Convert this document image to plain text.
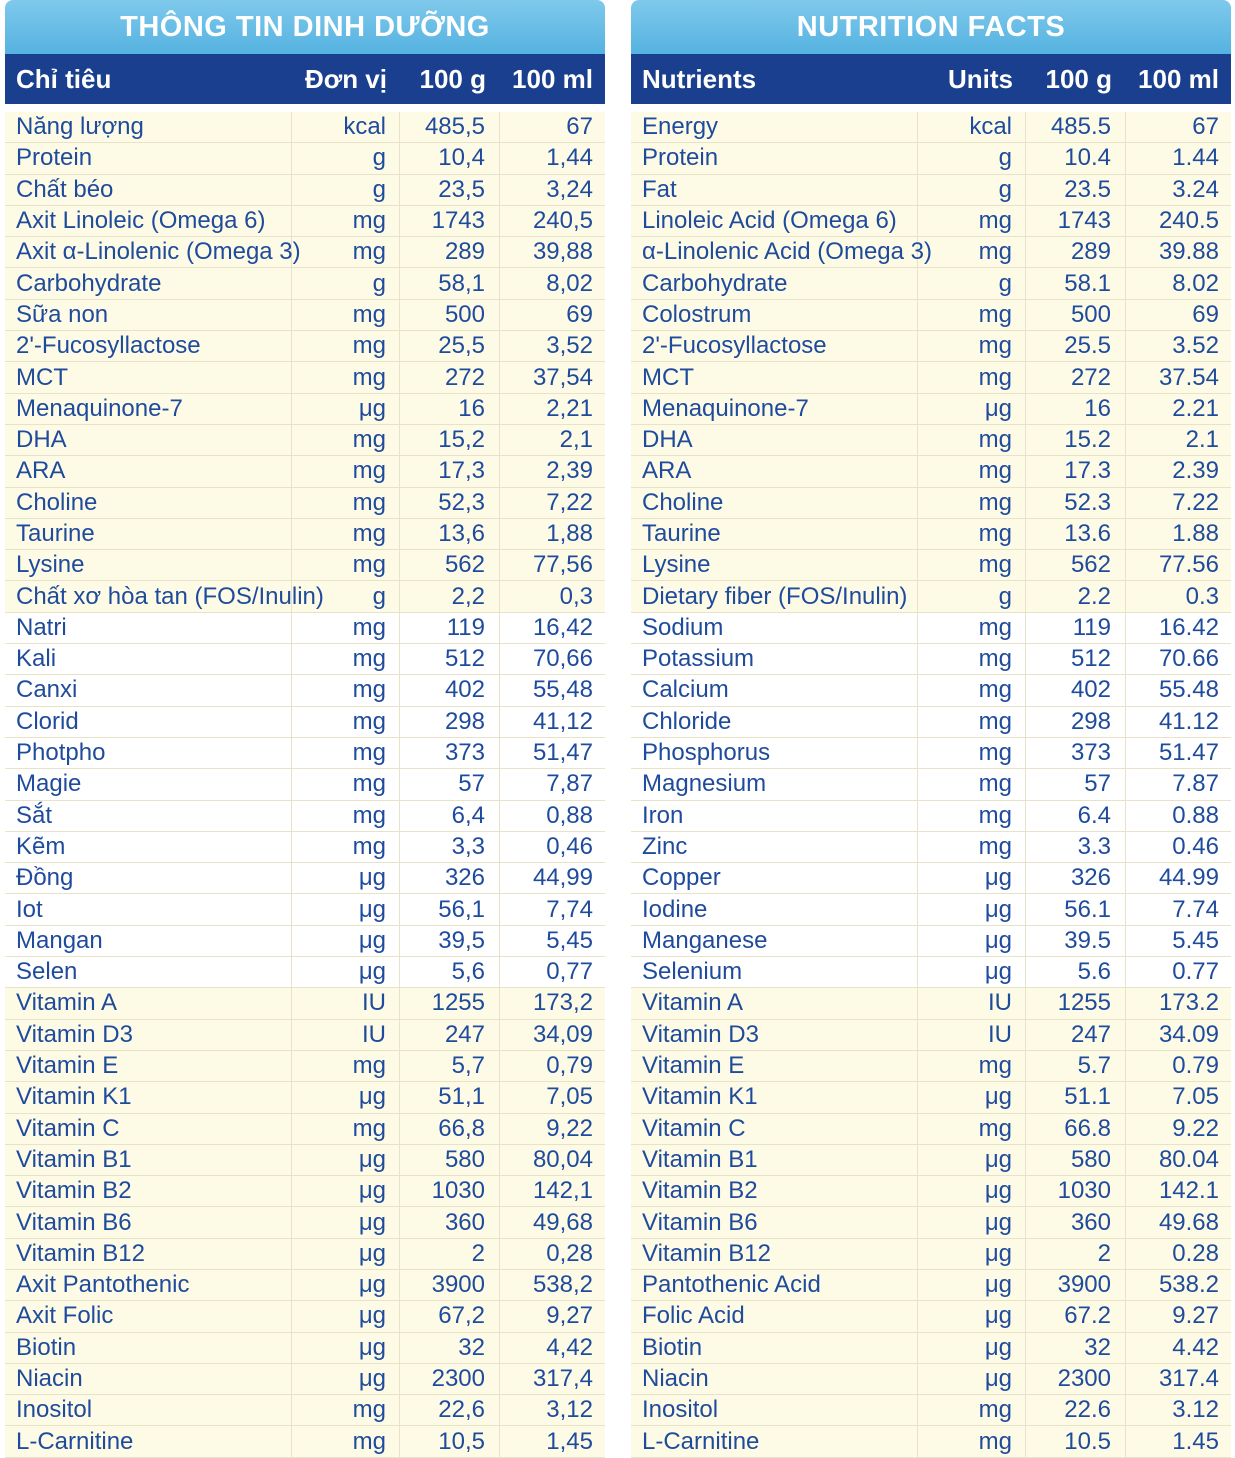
THÔNG TIN DINH DƯỠNG
Chỉ tiêu	Đơn vị	100 g	100 ml
Năng lượng	kcal	485,5	67
Protein	g	10,4	1,44
Chất béo	g	23,5	3,24
Axit Linoleic (Omega 6)	mg	1743	240,5
Axit α-Linolenic (Omega 3)	mg	289	39,88
Carbohydrate	g	58,1	8,02
Sữa non	mg	500	69
2'-Fucosyllactose	mg	25,5	3,52
MCT	mg	272	37,54
Menaquinone-7	μg	16	2,21
DHA	mg	15,2	2,1
ARA	mg	17,3	2,39
Choline	mg	52,3	7,22
Taurine	mg	13,6	1,88
Lysine	mg	562	77,56
Chất xơ hòa tan (FOS/Inulin)	g	2,2	0,3
Natri	mg	119	16,42
Kali	mg	512	70,66
Canxi	mg	402	55,48
Clorid	mg	298	41,12
Photpho	mg	373	51,47
Magie	mg	57	7,87
Sắt	mg	6,4	0,88
Kẽm	mg	3,3	0,46
Đồng	μg	326	44,99
Iot	μg	56,1	7,74
Mangan	μg	39,5	5,45
Selen	μg	5,6	0,77
Vitamin A	IU	1255	173,2
Vitamin D3	IU	247	34,09
Vitamin E	mg	5,7	0,79
Vitamin K1	μg	51,1	7,05
Vitamin C	mg	66,8	9,22
Vitamin B1	μg	580	80,04
Vitamin B2	μg	1030	142,1
Vitamin B6	μg	360	49,68
Vitamin B12	μg	2	0,28
Axit Pantothenic	μg	3900	538,2
Axit Folic	μg	67,2	9,27
Biotin	μg	32	4,42
Niacin	μg	2300	317,4
Inositol	mg	22,6	3,12
L-Carnitine	mg	10,5	1,45
NUTRITION FACTS
Nutrients	Units	100 g	100 ml
Energy	kcal	485.5	67
Protein	g	10.4	1.44
Fat	g	23.5	3.24
Linoleic Acid (Omega 6)	mg	1743	240.5
α-Linolenic Acid (Omega 3)	mg	289	39.88
Carbohydrate	g	58.1	8.02
Colostrum	mg	500	69
2'-Fucosyllactose	mg	25.5	3.52
MCT	mg	272	37.54
Menaquinone-7	μg	16	2.21
DHA	mg	15.2	2.1
ARA	mg	17.3	2.39
Choline	mg	52.3	7.22
Taurine	mg	13.6	1.88
Lysine	mg	562	77.56
Dietary fiber (FOS/Inulin)	g	2.2	0.3
Sodium	mg	119	16.42
Potassium	mg	512	70.66
Calcium	mg	402	55.48
Chloride	mg	298	41.12
Phosphorus	mg	373	51.47
Magnesium	mg	57	7.87
Iron	mg	6.4	0.88
Zinc	mg	3.3	0.46
Copper	μg	326	44.99
Iodine	μg	56.1	7.74
Manganese	μg	39.5	5.45
Selenium	μg	5.6	0.77
Vitamin A	IU	1255	173.2
Vitamin D3	IU	247	34.09
Vitamin E	mg	5.7	0.79
Vitamin K1	μg	51.1	7.05
Vitamin C	mg	66.8	9.22
Vitamin B1	μg	580	80.04
Vitamin B2	μg	1030	142.1
Vitamin B6	μg	360	49.68
Vitamin B12	μg	2	0.28
Pantothenic Acid	μg	3900	538.2
Folic Acid	μg	67.2	9.27
Biotin	μg	32	4.42
Niacin	μg	2300	317.4
Inositol	mg	22.6	3.12
L-Carnitine	mg	10.5	1.45
